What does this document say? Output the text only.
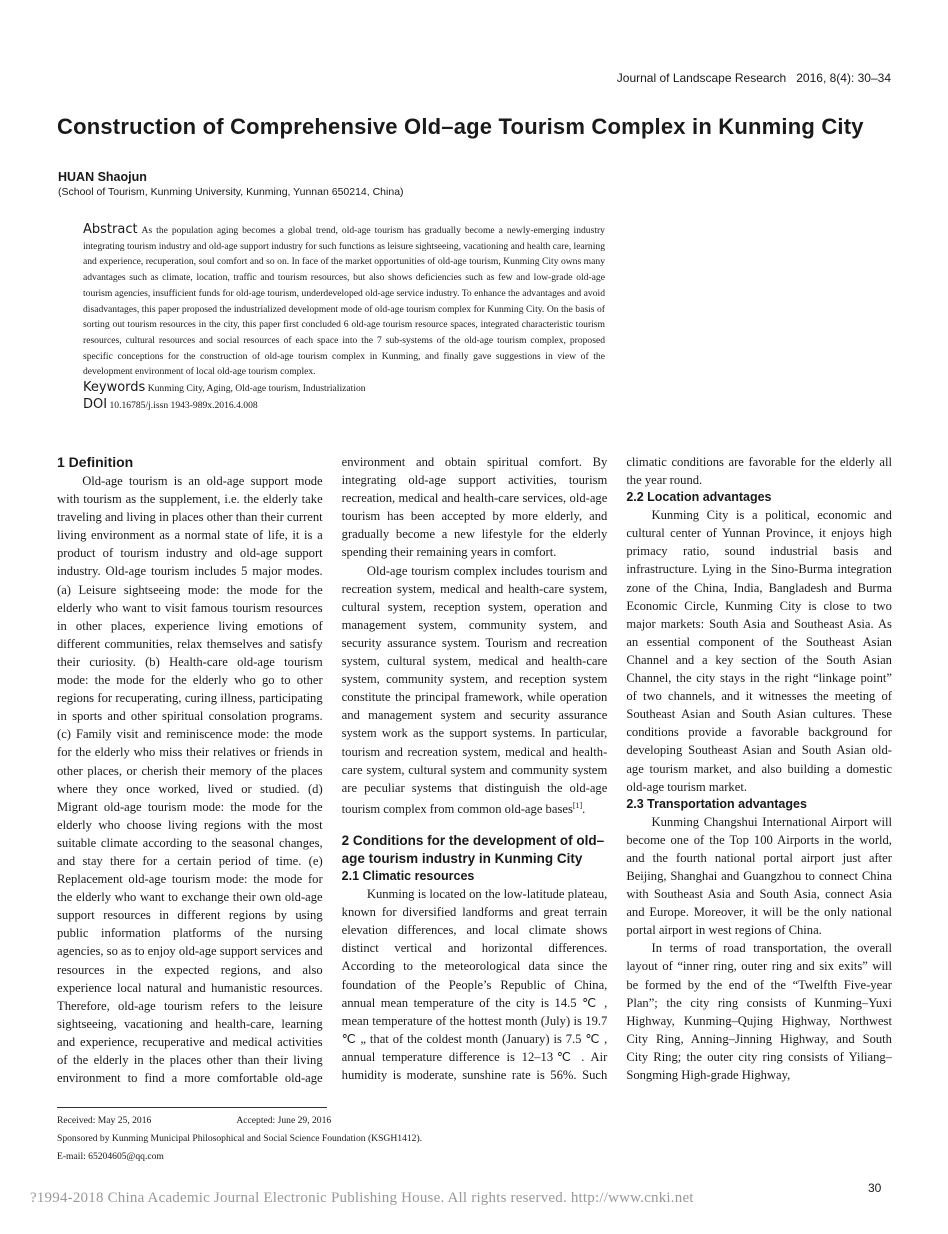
Journal of Landscape Research 2016, 8(4): 30–34
Construction of Comprehensive Old–age Tourism Complex in Kunming City
HUAN Shaojun
(School of Tourism, Kunming University, Kunming, Yunnan 650214, China)
Abstract As the population aging becomes a global trend, old-age tourism has gradually become a newly-emerging industry integrating tourism industry and old-age support industry for such functions as leisure sightseeing, vacationing and health care, learning and experience, recuperation, soul comfort and so on. In face of the market opportunities of old-age tourism, Kunming City owns many advantages such as climate, location, traffic and tourism resources, but also shows deficiencies such as few and low-grade old-age tourism agencies, insufficient funds for old-age tourism, underdeveloped old-age service industry. To enhance the advantages and avoid disadvantages, this paper proposed the industrialized development mode of old-age tourism complex for Kunming City. On the basis of sorting out tourism resources in the city, this paper first concluded 6 old-age tourism resource spaces, integrated characteristic tourism resources, cultural resources and social resources of each space into the 7 sub-systems of the old-age tourism complex, proposed specific conceptions for the construction of old-age tourism complex in Kunming, and finally gave suggestions in view of the development environment of local old-age tourism complex.
Keywords Kunming City, Aging, Old-age tourism, Industrialization
DOI 10.16785/j.issn 1943-989x.2016.4.008
1 Definition

Old-age tourism is an old-age support mode with tourism as the supplement, i.e. the elderly take traveling and living in places other than their current living environment as a normal state of life, it is a product of tourism industry and old-age support industry. Old-age tourism includes 5 major modes. (a) Leisure sightseeing mode: the mode for the elderly who want to visit famous tourism resources in other places, experience living emotions of different communities, relax themselves and satisfy their curiosity. (b) Health-care old-age tourism mode: the mode for the elderly who go to other regions for recuperating, curing illness, participating in sports and other spiritual consolation programs. (c) Family visit and reminiscence mode: the mode for the elderly who miss their relatives or friends in other places, or cherish their memory of the places where they once worked, lived or studied. (d) Migrant old-age tourism mode: the mode for the elderly who choose living regions with the most suitable climate according to the seasonal changes, and stay there for a certain period of time. (e) Replacement old-age tourism mode: the mode for the elderly who want to exchange their own old-age support resources in different regions by using public information platforms of the nursing agencies, so as to enjoy old-age support services and resources in the expected regions, and also experience local natural and humanistic resources. Therefore, old-age tourism refers to the leisure sightseeing, vacationing and health-care, learning and experience, recuperative and medical activities of the elderly in the places other than their living environment to find a more comfortable old-age environment and obtain spiritual comfort. By integrating old-age support activities, tourism recreation, medical and health-care services, old-age tourism has been accepted by more elderly, and gradually become a new lifestyle for the elderly spending their remaining years in comfort.

Old-age tourism complex includes tourism and recreation system, medical and health-care system, cultural system, reception system, operation and management system, community system, and security assurance system. Tourism and recreation system, cultural system, medical and health-care system, community system, and reception system constitute the principal framework, while operation and management system and security assurance system work as the support systems. In particular, tourism and recreation system, medical and health-care system, cultural system and community system are peculiar systems that distinguish the old-age tourism complex from common old-age bases[1].

2 Conditions for the development of old–age tourism industry in Kunming City
2.1 Climatic resources

Kunming is located on the low-latitude plateau, known for diversified landforms and great terrain elevation differences, and local climate shows distinct vertical and horizontal differences. According to the meteorological data since the foundation of the People’s Republic of China, annual mean temperature of the city is 14.5 ℃ , mean temperature of the hottest month (July) is 19.7 ℃ „ that of the coldest month (January) is 7.5 ℃ , annual temperature difference is 12–13℃ . Air humidity is moderate, sunshine rate is 56%. Such climatic conditions are favorable for the elderly all the year round.

2.2 Location advantages

Kunming City is a political, economic and cultural center of Yunnan Province, it enjoys high primacy ratio, sound industrial basis and infrastructure. Lying in the Sino-Burma integration zone of the China, India, Bangladesh and Burma Economic Circle, Kunming City is close to two major markets: South Asia and Southeast Asia. As an essential component of the Southeast Asian Channel and a key section of the South Asian Channel, the city stays in the right “linkage point” of two channels, and it witnesses the meeting of Southeast Asian and South Asian cultures. These conditions provide a favorable background for developing Southeast Asian and South Asian old-age tourism market, and also building a domestic old-age tourism market.

2.3 Transportation advantages

Kunming Changshui International Airport will become one of the Top 100 Airports in the world, and the fourth national portal airport just after Beijing, Shanghai and Guangzhou to connect China with Southeast Asia and South Asia, connect Asia and Europe. Moreover, it will be the only national portal airport in west regions of China.

In terms of road transportation, the overall layout of “inner ring, outer ring and six exits” will be formed by the end of the “Twelfth Five-year Plan”; the city ring consists of Kunming–Yuxi Highway, Kunming–Qujing Highway, Northwest City Ring, Anning–Jinning Highway, and South City Ring; the outer city ring consists of Yiliang–Songming High-grade Highway,

Received: May 25, 2016	Accepted: June 29, 2016
Sponsored by Kunming Municipal Philosophical and Social Science Foundation (KSGH1412).
E-mail: 65204605@qq.com
30
?1994-2018 China Academic Journal Electronic Publishing House. All rights reserved. http://www.cnki.net
